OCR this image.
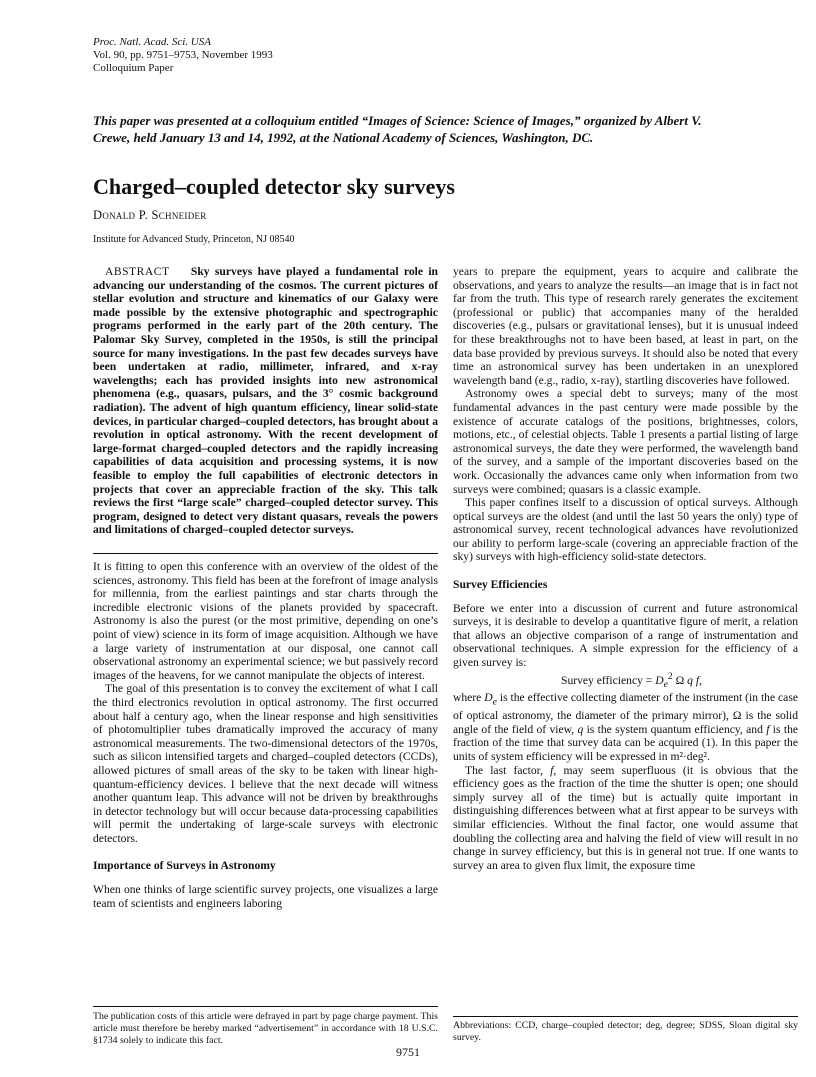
Proc. Natl. Acad. Sci. USA
Vol. 90, pp. 9751–9753, November 1993
Colloquium Paper
This paper was presented at a colloquium entitled “Images of Science: Science of Images,” organized by Albert V. Crewe, held January 13 and 14, 1992, at the National Academy of Sciences, Washington, DC.
Charged–coupled detector sky surveys
Donald P. Schneider
Institute for Advanced Study, Princeton, NJ 08540

ABSTRACT Sky surveys have played a fundamental role in advancing our understanding of the cosmos. The current pictures of stellar evolution and structure and kinematics of our Galaxy were made possible by the extensive photographic and spectrographic programs performed in the early part of the 20th century. The Palomar Sky Survey, completed in the 1950s, is still the principal source for many investigations. In the past few decades surveys have been undertaken at radio, millimeter, infrared, and x-ray wavelengths; each has provided insights into new astronomical phenomena (e.g., quasars, pulsars, and the 3° cosmic background radiation). The advent of high quantum efficiency, linear solid-state devices, in particular charged–coupled detectors, has brought about a revolution in optical astronomy. With the recent development of large-format charged–coupled detectors and the rapidly increasing capabilities of data acquisition and processing systems, it is now feasible to employ the full capabilities of electronic detectors in projects that cover an appreciable fraction of the sky. This talk reviews the first “large scale” charged–coupled detector survey. This program, designed to detect very distant quasars, reveals the powers and limitations of charged–coupled detector surveys.

It is fitting to open this conference with an overview of the oldest of the sciences, astronomy. This field has been at the forefront of image analysis for millennia, from the earliest paintings and star charts through the incredible electronic visions of the planets provided by spacecraft. Astronomy is also the purest (or the most primitive, depending on one’s point of view) science in its form of image acquisition. Although we have a large variety of instrumentation at our disposal, one cannot call observational astronomy an experimental science; we but passively record images of the heavens, for we cannot manipulate the objects of interest.

The goal of this presentation is to convey the excitement of what I call the third electronics revolution in optical astronomy. The first occurred about half a century ago, when the linear response and high sensitivities of photomultiplier tubes dramatically improved the accuracy of many astronomical measurements. The two-dimensional detectors of the 1970s, such as silicon intensified targets and charged–coupled detectors (CCDs), allowed pictures of small areas of the sky to be taken with linear high-quantum-efficiency devices. I believe that the next decade will witness another quantum leap. This advance will not be driven by breakthroughs in detector technology but will occur because data-processing capabilities will permit the undertaking of large-scale surveys with electronic detectors.

Importance of Surveys in Astronomy

When one thinks of large scientific survey projects, one visualizes a large team of scientists and engineers laboring

years to prepare the equipment, years to acquire and calibrate the observations, and years to analyze the results—an image that is in fact not far from the truth. This type of research rarely generates the excitement (professional or public) that accompanies many of the heralded discoveries (e.g., pulsars or gravitational lenses), but it is unusual indeed for these breakthroughs not to have been based, at least in part, on the data base provided by previous surveys. It should also be noted that every time an astronomical survey has been undertaken in an unexplored wavelength band (e.g., radio, x-ray), startling discoveries have followed.

Astronomy owes a special debt to surveys; many of the most fundamental advances in the past century were made possible by the existence of accurate catalogs of the positions, brightnesses, colors, motions, etc., of celestial objects. Table 1 presents a partial listing of large astronomical surveys, the date they were performed, the wavelength band of the survey, and a sample of the important discoveries based on the work. Occasionally the advances came only when information from two surveys were combined; quasars is a classic example.

This paper confines itself to a discussion of optical surveys. Although optical surveys are the oldest (and until the last 50 years the only) type of astronomical survey, recent technological advances have revolutionized our ability to perform large-scale (covering an appreciable fraction of the sky) surveys with high-efficiency solid-state detectors.

Survey Efficiencies

Before we enter into a discussion of current and future astronomical surveys, it is desirable to develop a quantitative figure of merit, a relation that allows an objective comparison of a range of instrumentation and observational techniques. A simple expression for the efficiency of a given survey is:

Survey efficiency = $D_e^2$ Ω q f,

where $D_e$ is the effective collecting diameter of the instrument (in the case of optical astronomy, the diameter of the primary mirror), Ω is the solid angle of the field of view, q is the system quantum efficiency, and f is the fraction of the time that survey data can be acquired (1). In this paper the units of system efficiency will be expressed in m²·deg².

The last factor, f, may seem superfluous (it is obvious that the efficiency goes as the fraction of the time the shutter is open; one should simply survey all of the time) but is actually quite important in distinguishing differences between what at first appear to be surveys with similar efficiencies. Without the final factor, one would assume that doubling the collecting area and halving the field of view will result in no change in survey efficiency, but this is in general not true. If one wants to survey an area to given flux limit, the exposure time

The publication costs of this article were defrayed in part by page charge payment. This article must therefore be hereby marked “advertisement” in accordance with 18 U.S.C. §1734 solely to indicate this fact.
Abbreviations: CCD, charge–coupled detector; deg, degree; SDSS, Sloan digital sky survey.
9751
